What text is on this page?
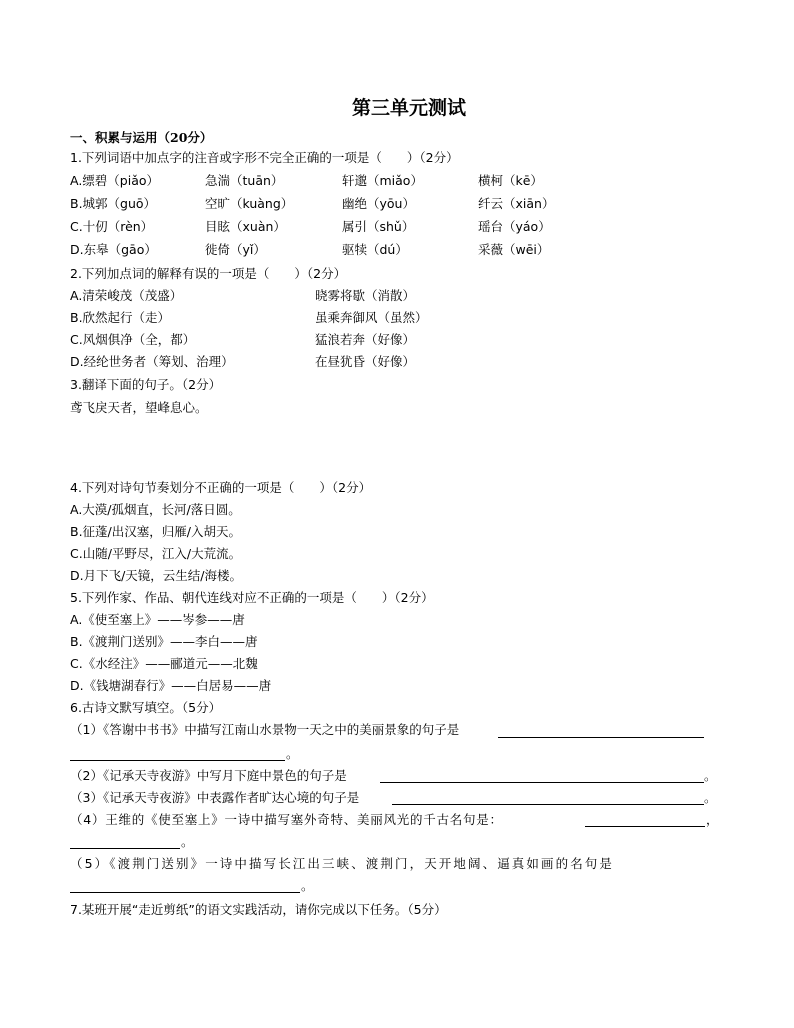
第三单元测试
一、积累与运用（20分）
1.下列词语中加点字的注音或字形不完全正确的一项是（　　）（2分）
A.缥碧（piǎo）	急湍（tuān）	轩邈（miǎo）	横柯（kē）
B.城郭（guō）	空旷（kuàng）	幽绝（yōu）	纤云（xiān）
C.十仞（rèn）	目眩（xuàn）	属引（shǔ）	瑶台（yáo）
D.东皋（gāo）	徙倚（yǐ）	驱犊（dú）	采薇（wēi）
2.下列加点词的解释有误的一项是（　　）（2分）
A.清荣峻茂（茂盛）	晓雾将歇（消散）
B.欣然起行（走）	虽乘奔御风（虽然）
C.风烟俱净（全，都）	猛浪若奔（好像）
D.经纶世务者（筹划、治理）	在昼犹昏（好像）
3.翻译下面的句子。（2分）
鸢飞戾天者，望峰息心。
4.下列对诗句节奏划分不正确的一项是（　　）（2分）
A.大漠/孤烟直，长河/落日圆。
B.征蓬/出汉塞，归雁/入胡天。
C.山随/平野尽，江入/大荒流。
D.月下飞/天镜，云生结/海楼。
5.下列作家、作品、朝代连线对应不正确的一项是（　　）（2分）
A.《使至塞上》——岑参——唐
B.《渡荆门送别》——李白——唐
C.《水经注》——郦道元——北魏
D.《钱塘湖春行》——白居易——唐
6.古诗文默写填空。（5分）
（1）《答谢中书书》中描写江南山水景物一天之中的美丽景象的句子是
。
（2）《记承天寺夜游》中写月下庭中景色的句子是	。
（3）《记承天寺夜游》中表露作者旷达心境的句子是	。
（4）王维的《使至塞上》一诗中描写塞外奇特、美丽风光的千古名句是：	，
。
（5）《渡荆门送别》一诗中描写长江出三峡、渡荆门，天开地阔、逼真如画的名句是
。
7.某班开展“走近剪纸”的语文实践活动，请你完成以下任务。（5分）
